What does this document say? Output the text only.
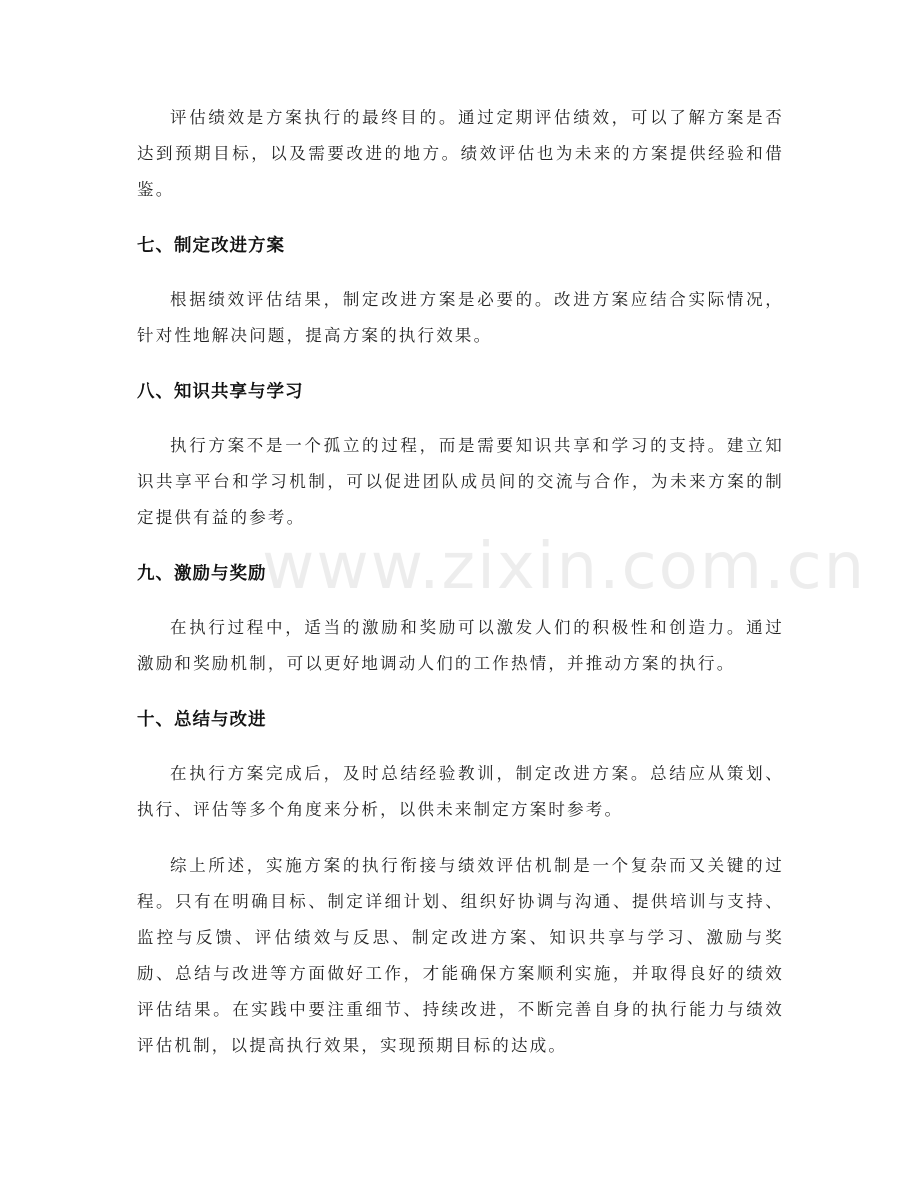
评估绩效是方案执行的最终目的。通过定期评估绩效，可以了解方案是否达到预期目标，以及需要改进的地方。绩效评估也为未来的方案提供经验和借鉴。

七、制定改进方案

根据绩效评估结果，制定改进方案是必要的。改进方案应结合实际情况，针对性地解决问题，提高方案的执行效果。

八、知识共享与学习

执行方案不是一个孤立的过程，而是需要知识共享和学习的支持。建立知识共享平台和学习机制，可以促进团队成员间的交流与合作，为未来方案的制定提供有益的参考。

九、激励与奖励

在执行过程中，适当的激励和奖励可以激发人们的积极性和创造力。通过激励和奖励机制，可以更好地调动人们的工作热情，并推动方案的执行。

十、总结与改进

在执行方案完成后，及时总结经验教训，制定改进方案。总结应从策划、执行、评估等多个角度来分析，以供未来制定方案时参考。

综上所述，实施方案的执行衔接与绩效评估机制是一个复杂而又关键的过程。只有在明确目标、制定详细计划、组织好协调与沟通、提供培训与支持、监控与反馈、评估绩效与反思、制定改进方案、知识共享与学习、激励与奖励、总结与改进等方面做好工作，才能确保方案顺利实施，并取得良好的绩效评估结果。在实践中要注重细节、持续改进，不断完善自身的执行能力与绩效评估机制，以提高执行效果，实现预期目标的达成。

www.zixin.com.cn
